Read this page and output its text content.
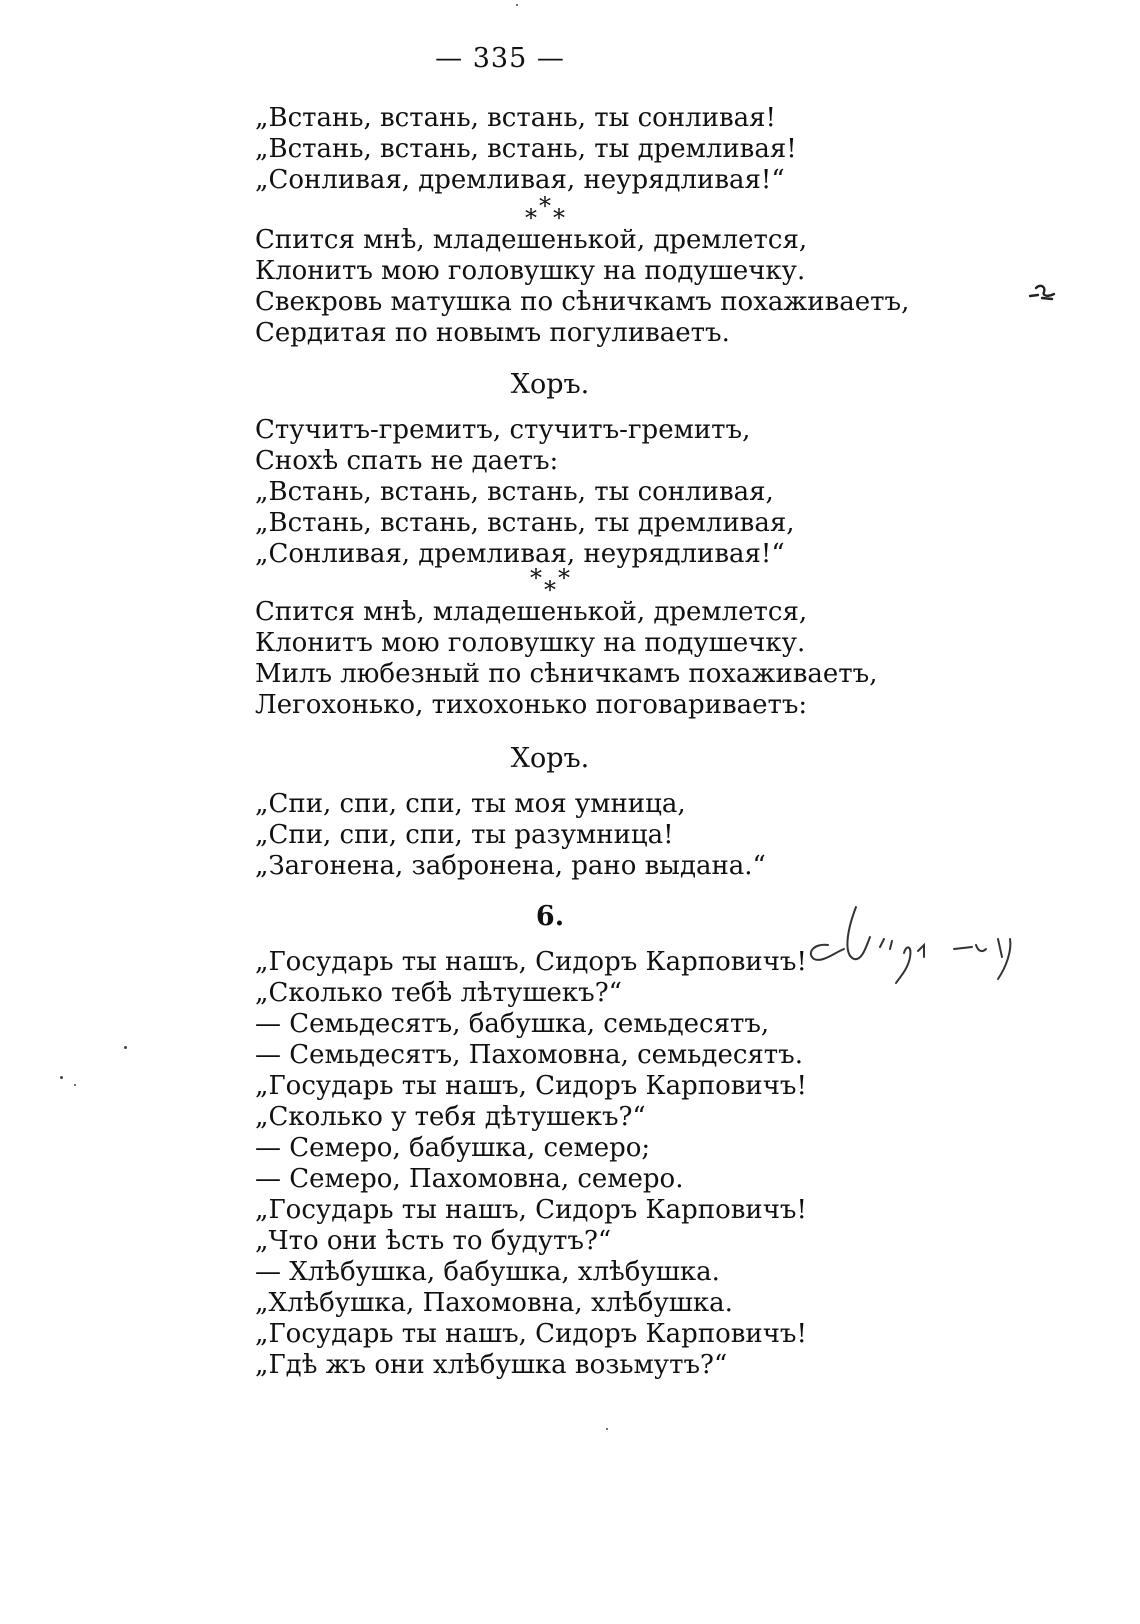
— 335 —

„Встань, встань, встань, ты сонливая!

„Встань, встань, встань, ты дремливая!

„Сонливая, дремливая, неурядливая!“

*
* *

Спится мнѣ, младешенькой, дремлется,

Клонитъ мою головушку на подушечку.

Свекровь матушка по сѣничкамъ похаживаетъ,

Сердитая по новымъ погуливаетъ.

Хоръ.

Стучитъ-гремитъ, стучитъ-гремитъ,

Снохѣ спать не даетъ:

„Встань, встань, встань, ты сонливая,

„Встань, встань, встань, ты дремливая,

„Сонливая, дремливая, неурядливая!“

* *
*

Спится мнѣ, младешенькой, дремлется,

Клонитъ мою головушку на подушечку.

Милъ любезный по сѣничкамъ похаживаетъ,

Легохонько, тихохонько поговариваетъ:

Хоръ.

„Спи, спи, спи, ты моя умница,

„Спи, спи, спи, ты разумница!

„Загонена, забронена, рано выдана.“

6.

„Государь ты нашъ, Сидоръ Карповичъ!

„Сколько тебѣ лѣтушекъ?“

— Семьдесятъ, бабушка, семьдесятъ,

— Семьдесятъ, Пахомовна, семьдесятъ.

„Государь ты нашъ, Сидоръ Карповичъ!

„Сколько у тебя дѣтушекъ?“

— Семеро, бабушка, семеро;

— Семеро, Пахомовна, семеро.

„Государь ты нашъ, Сидоръ Карповичъ!

„Что они ѣсть то будутъ?“

— Хлѣбушка, бабушка, хлѣбушка.

„Хлѣбушка, Пахомовна, хлѣбушка.

„Государь ты нашъ, Сидоръ Карповичъ!

„Гдѣ жъ они хлѣбушка возьмутъ?“
